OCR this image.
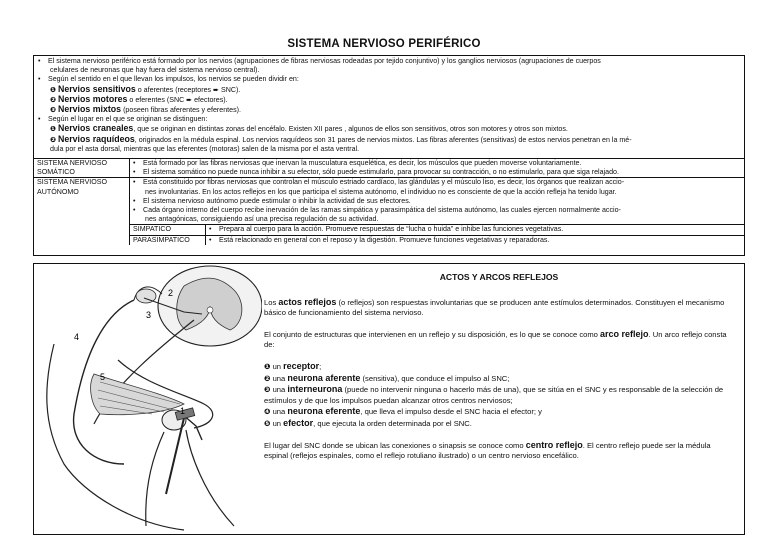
SISTEMA NERVIOSO PERIFÉRICO

• El sistema nervioso periférico está formado por los nervios (agrupaciones de fibras nerviosas rodeadas por tejido conjuntivo) y los ganglios nerviosos (agrupaciones de cuerpos

celulares de neuronas que hay fuera del sistema nervioso central).

• Según el sentido en el que llevan los impulsos, los nervios se pueden dividir en:

❶ Nervios sensitivos o aferentes (receptores ➨ SNC).

❷ Nervios motores o eferentes (SNC ➨ efectores).

❸ Nervios mixtos (poseen fibras aferentes y eferentes).

• Según el lugar en el que se originan se distinguen:

❶ Nervios craneales, que se originan en distintas zonas del encéfalo. Existen XII pares , algunos de ellos son sensitivos, otros son motores y otros son mixtos.

❷ Nervios raquídeos, originados en la médula espinal. Los nervios raquídeos son 31 pares de nervios mixtos. Las fibras aferentes (sensitivas) de estos nervios penetran en la mé-

dula por el asta dorsal, mientras que las eferentes (motoras) salen de la misma por el asta ventral.

SISTEMA NERVIOSO
SOMÁTICO
• Está formado por las fibras nerviosas que inervan la musculatura esquelética, es decir, los músculos que pueden moverse voluntariamente.
• El sistema somático no puede nunca inhibir a su efector, sólo puede estimularlo, para provocar su contracción, o no estimularlo, para que siga relajado.
SISTEMA NERVIOSO
AUTÓNOMO
• Está constituido por fibras nerviosas que controlan el músculo estriado cardíaco, las glándulas y el músculo liso, es decir, los órganos que realizan accio-
nes involuntarias. En los actos reflejos en los que participa el sistema autónomo, el individuo no es consciente de que la acción refleja ha tenido lugar.
• El sistema nervioso autónomo puede estimular o inhibir la actividad de sus efectores.
• Cada órgano interno del cuerpo recibe inervación de las ramas simpática y parasimpática del sistema autónomo, las cuales ejercen normalmente accio-
nes antagónicas, consiguiendo así una precisa regulación de su actividad.
SIMPATICO	• Prepara al cuerpo para la acción. Promueve respuestas de “lucha o huida” e inhibe las funciones vegetativas.
PARASIMPATICO	• Está relacionado en general con el reposo y la digestión. Promueve funciones vegetativas y reparadoras.
1
2
3
4
5

ACTOS Y ARCOS REFLEJOS

Los actos reflejos (o reflejos) son respuestas involuntarias que se producen ante estímulos determinados. Constituyen el mecanismo básico de funcionamiento del sistema nervioso.

El conjunto de estructuras que intervienen en un reflejo y su disposición, es lo que se conoce como arco reflejo. Un arco reflejo consta de:

❶ un receptor;
❷ una neurona aferente (sensitiva), que conduce el impulso al SNC;
❸ una interneurona (puede no intervenir ninguna o hacerlo más de una), que se sitúa en el SNC y es responsable de la selección de estímulos y de que los impulsos puedan alcanzar otros centros nerviosos;
❹ una neurona eferente, que lleva el impulso desde el SNC hacia el efector; y
❺ un efector, que ejecuta la orden determinada por el SNC.

El lugar del SNC donde se ubican las conexiones o sinapsis se conoce como centro reflejo. El centro reflejo puede ser la médula espinal (reflejos espinales, como el reflejo rotuliano ilustrado) o un centro nervioso encefálico.
